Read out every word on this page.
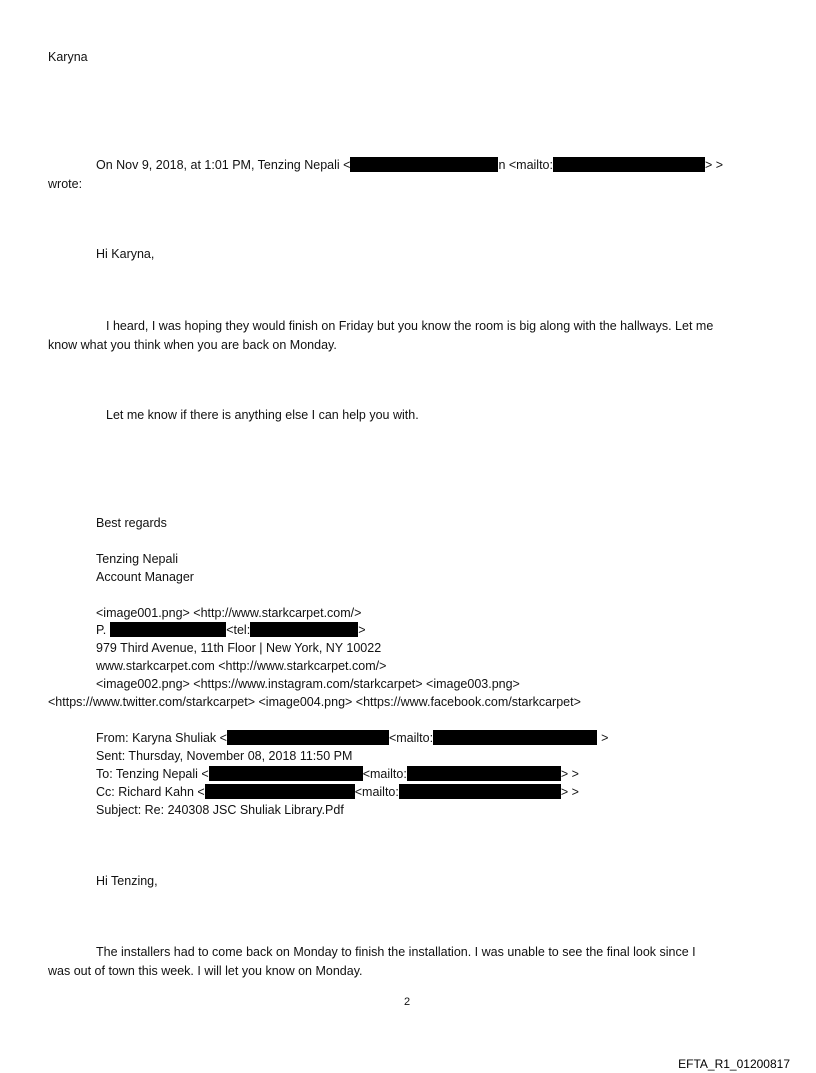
Karyna
On Nov 9, 2018, at 1:01 PM, Tenzing Nepali <	n <mailto:	> >
wrote:
Hi Karyna,
I heard, I was hoping they would finish on Friday but you know the room is big along with the hallways. Let me
know what you think when you are back on Monday.
Let me know if there is anything else I can help you with.
Best regards
Tenzing Nepali
Account Manager
<image001.png> <http://www.starkcarpet.com/>
P.	<tel:	>
979 Third Avenue, 11th Floor | New York, NY 10022
www.starkcarpet.com <http://www.starkcarpet.com/>
<image002.png> <https://www.instagram.com/starkcarpet> <image003.png>
<https://www.twitter.com/starkcarpet> <image004.png> <https://www.facebook.com/starkcarpet>
From: Karyna Shuliak <	<mailto:	>
Sent: Thursday, November 08, 2018 11:50 PM
To: Tenzing Nepali <	<mailto:	> >
Cc: Richard Kahn <	<mailto:	> >
Subject: Re: 240308 JSC Shuliak Library.Pdf
Hi Tenzing,
The installers had to come back on Monday to finish the installation. I was unable to see the final look since I
was out of town this week. I will let you know on Monday.
2
EFTA_R1_01200817
